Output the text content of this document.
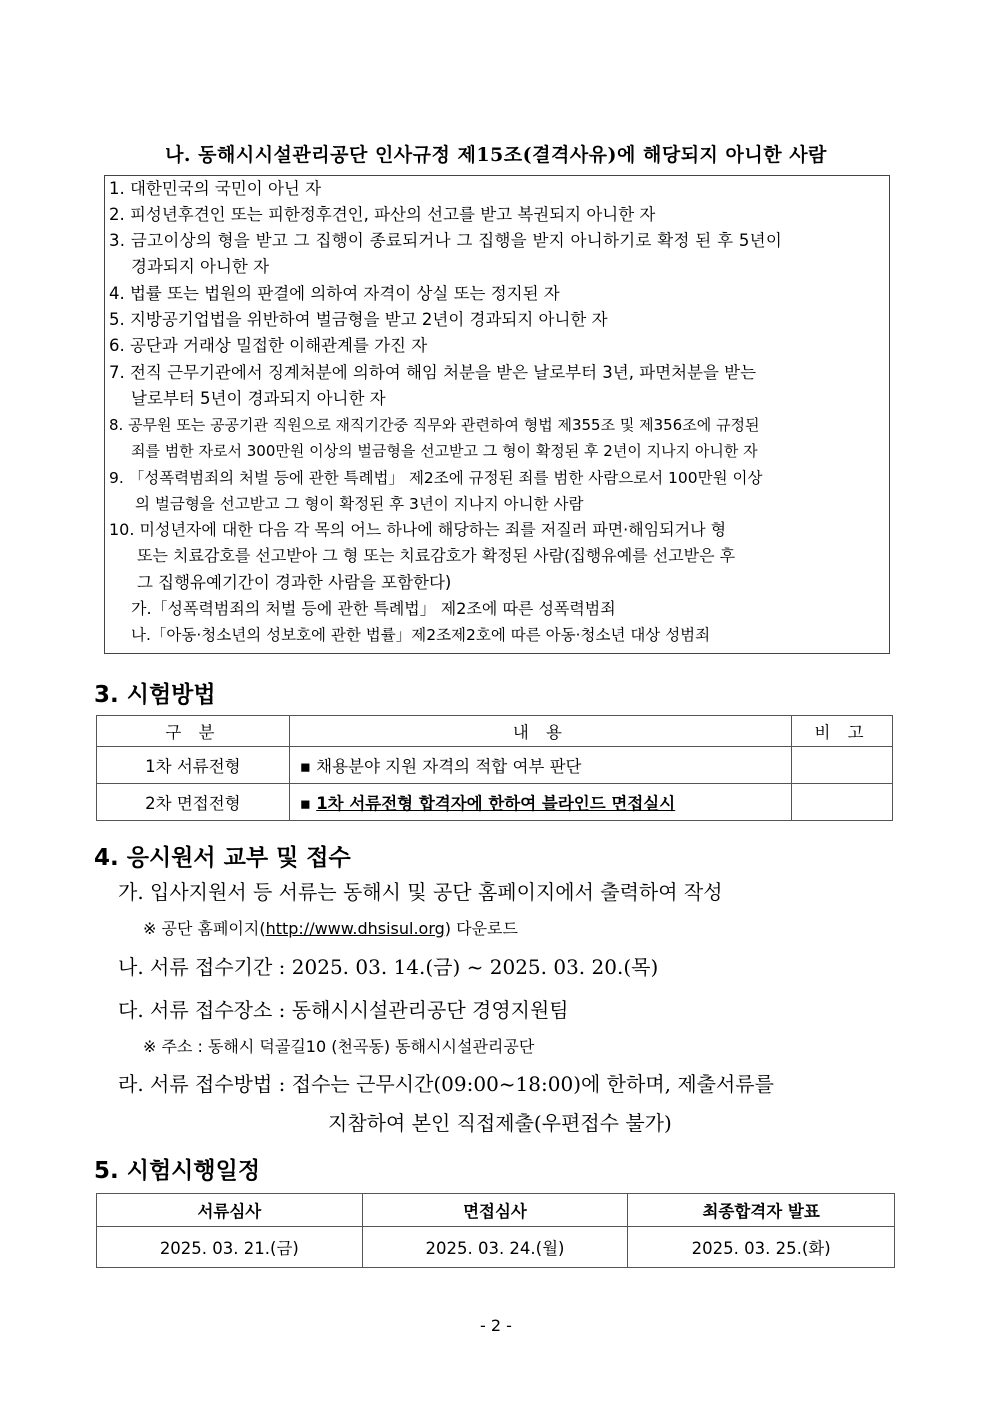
나. 동해시시설관리공단 인사규정 제15조(결격사유)에 해당되지 아니한 사람
1. 대한민국의 국민이 아닌 자
2. 피성년후견인 또는 피한정후견인, 파산의 선고를 받고 복권되지 아니한 자
3. 금고이상의 형을 받고 그 집행이 종료되거나 그 집행을 받지 아니하기로 확정 된 후 5년이
경과되지 아니한 자
4. 법률 또는 법원의 판결에 의하여 자격이 상실 또는 정지된 자
5. 지방공기업법을 위반하여 벌금형을 받고 2년이 경과되지 아니한 자
6. 공단과 거래상 밀접한 이해관계를 가진 자
7. 전직 근무기관에서 징계처분에 의하여 해임 처분을 받은 날로부터 3년, 파면처분을 받는
날로부터 5년이 경과되지 아니한 자
8. 공무원 또는 공공기관 직원으로 재직기간중 직무와 관련하여 형법 제355조 및 제356조에 규정된
죄를 범한 자로서 300만원 이상의 벌금형을 선고받고 그 형이 확정된 후 2년이 지나지 아니한 자
9. 「성폭력범죄의 처벌 등에 관한 특례법」 제2조에 규정된 죄를 범한 사람으로서 100만원 이상
의 벌금형을 선고받고 그 형이 확정된 후 3년이 지나지 아니한 사람
10. 미성년자에 대한 다음 각 목의 어느 하나에 해당하는 죄를 저질러 파면·해임되거나 형
또는 치료감호를 선고받아 그 형 또는 치료감호가 확정된 사람(집행유예를 선고받은 후
그 집행유예기간이 경과한 사람을 포함한다)
가.「성폭력범죄의 처벌 등에 관한 특례법」 제2조에 따른 성폭력범죄
나.「아동·청소년의 성보호에 관한 법률」제2조제2호에 따른 아동·청소년 대상 성범죄
3. 시험방법
구 분	내 용	비 고
1차 서류전형	▪ 채용분야 지원 자격의 적합 여부 판단	
2차 면접전형	▪ 1차 서류전형 합격자에 한하여 블라인드 면접실시	
4. 응시원서 교부 및 접수
가. 입사지원서 등 서류는 동해시 및 공단 홈페이지에서 출력하여 작성
※ 공단 홈페이지(http://www.dhsisul.org) 다운로드
나. 서류 접수기간 : 2025. 03. 14.(금) ~ 2025. 03. 20.(목)
다. 서류 접수장소 : 동해시시설관리공단 경영지원팀
※ 주소 : 동해시 덕골길10 (천곡동) 동해시시설관리공단
라. 서류 접수방법 : 접수는 근무시간(09:00~18:00)에 한하며, 제출서류를
지참하여 본인 직접제출(우편접수 불가)
5. 시험시행일정
서류심사	면접심사	최종합격자 발표
2025. 03. 21.(금)	2025. 03. 24.(월)	2025. 03. 25.(화)
- 2 -
